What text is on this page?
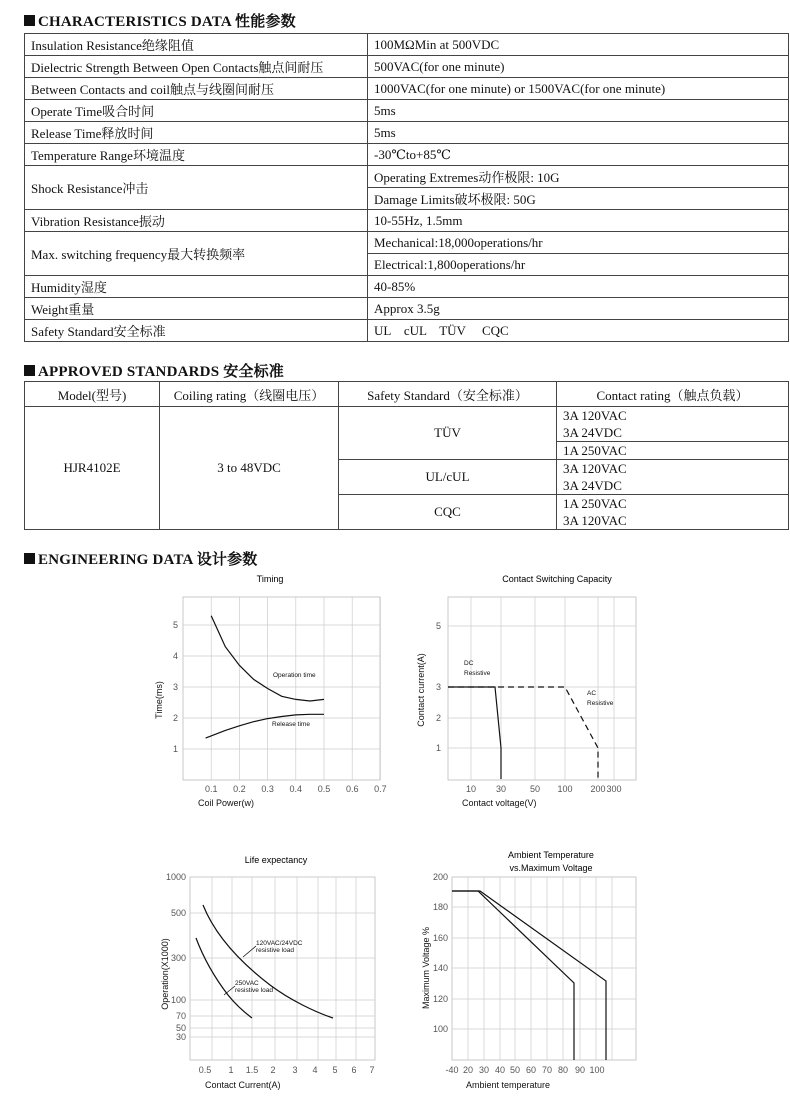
CHARACTERISTICS DATA 性能参数
Insulation Resistance绝缘阻值	100MΩMin at 500VDC
Dielectric Strength Between Open Contacts触点间耐压	500VAC(for one minute)
Between Contacts and coil触点与线圈间耐压	1000VAC(for one minute) or 1500VAC(for one minute)
Operate Time吸合时间	5ms
Release Time释放时间	5ms
Temperature Range环境温度	-30℃to+85℃
Shock Resistance冲击	Operating Extremes动作极限: 10G
	Damage Limits破坏极限: 50G
Vibration Resistance振动	10-55Hz, 1.5mm
Max. switching frequency最大转换频率	Mechanical:18,000operations/hr
	Electrical:1,800operations/hr
Humidity湿度	40-85%
Weight重量	Approx 3.5g
Safety Standard安全标准	UL    cUL    TÜV     CQC
APPROVED STANDARDS 安全标准
Model(型号)	Coiling rating（线圈电压）	Safety Standard（安全标准）	Contact rating（触点负载）
HJR4102E	3 to 48VDC	TÜV	3A 120VAC
3A 24VDC
			1A 250VAC
		UL/cUL	3A 120VAC
3A 24VDC
		CQC	1A 250VAC
3A 120VAC
ENGINEERING DATA 设计参数
Timing
0.1 0.2 0.3 0.4 0.5 0.6 0.7
1
2
3
4
5
Operation time
Release time
Coil Power(w)
Time(ms)
Contact Switching Capacity
10 30	50 100 200 300
1
2
3
5
DC
Resistive
AC
Resistive
Contact voltage(V)
Contact current(A)
Life expectancy
0.5 1 1.5 2 3 4 5 6 7
30
50
70
100
300
500
1000
120VAC/24VDC
resistive load
250VAC
resistive load
Contact Current(A)
Operation(X1000)
Ambient Temperature
vs.Maximum Voltage
-40 20 30 40 50 60 70 80 90 100
100
120
140
160
180
200
Ambient temperature
Maximum Voltage %
